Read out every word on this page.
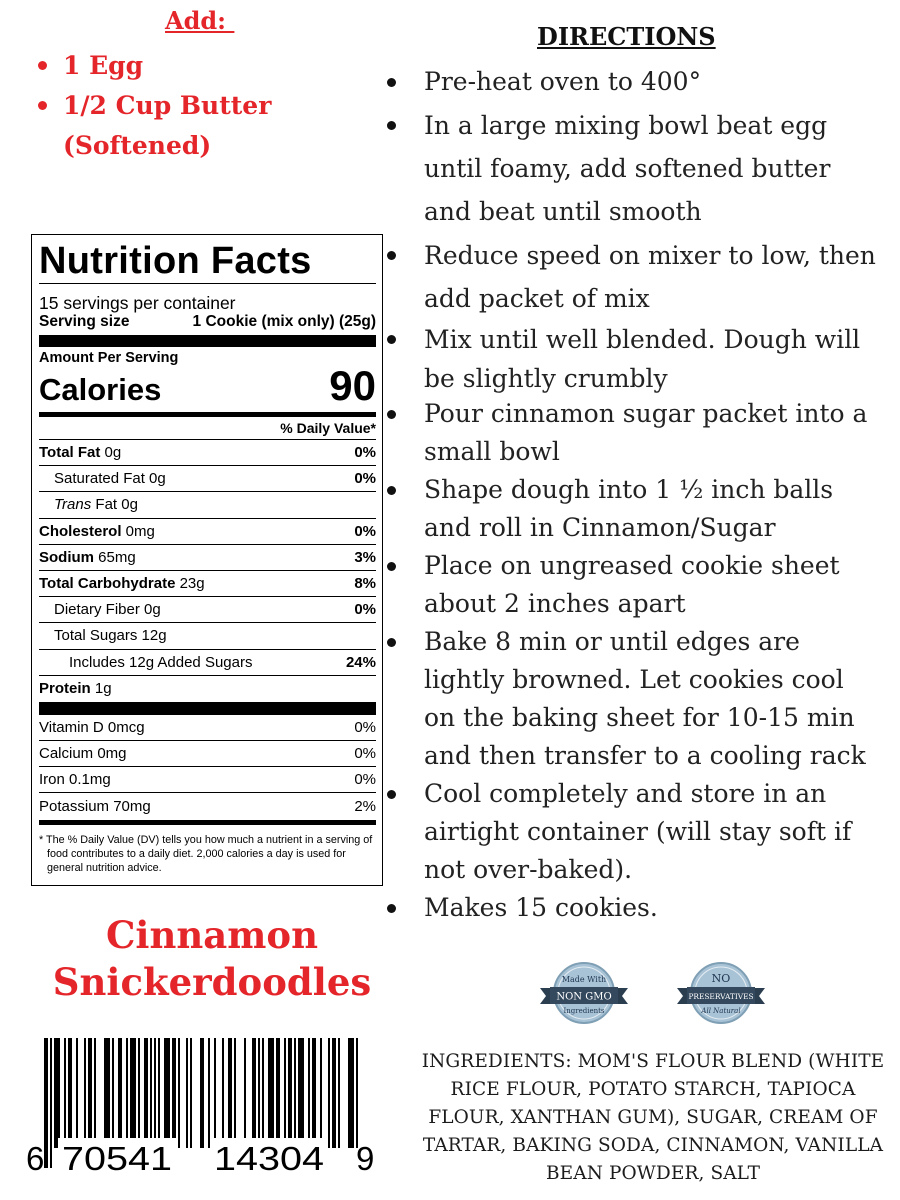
Add:
1 Egg
1/2 Cup Butter
(Softened)
Nutrition Facts
15 servings per container
Serving size	1 Cookie (mix only) (25g)
Amount Per Serving
Calories	90
% Daily Value*
Total Fat 0g	0%
Saturated Fat 0g	0%
Trans Fat 0g
Cholesterol 0mg	0%
Sodium 65mg	3%
Total Carbohydrate 23g	8%
Dietary Fiber 0g	0%
Total Sugars 12g
Includes 12g Added Sugars	24%
Protein 1g
Vitamin D 0mcg	0%
Calcium 0mg	0%
Iron 0.1mg	0%
Potassium 70mg	2%
* The % Daily Value (DV) tells you how much a nutrient in a serving of food contributes to a daily diet. 2,000 calories a day is used for general nutrition advice.
Cinnamon
Snickerdoodles
6 70541 14304 9
DIRECTIONS
Pre-heat oven to 400°
In a large mixing bowl beat egg
until foamy, add softened butter
and beat until smooth
Reduce speed on mixer to low, then
add packet of mix
Mix until well blended. Dough will
be slightly crumbly
Pour cinnamon sugar packet into a
small bowl
Shape dough into 1 ½ inch balls
and roll in Cinnamon/Sugar
Place on ungreased cookie sheet
about 2 inches apart
Bake 8 min or until edges are
lightly browned. Let cookies cool
on the baking sheet for 10-15 min
and then transfer to a cooling rack
Cool completely and store in an
airtight container (will stay soft if
not over-baked).
Makes 15 cookies.
Made With
NON GMO
Ingredients
NO
PRESERVATIVES
All Natural
INGREDIENTS: MOM'S FLOUR BLEND (WHITE
RICE FLOUR, POTATO STARCH, TAPIOCA
FLOUR, XANTHAN GUM), SUGAR, CREAM OF
TARTAR, BAKING SODA, CINNAMON, VANILLA
BEAN POWDER, SALT
